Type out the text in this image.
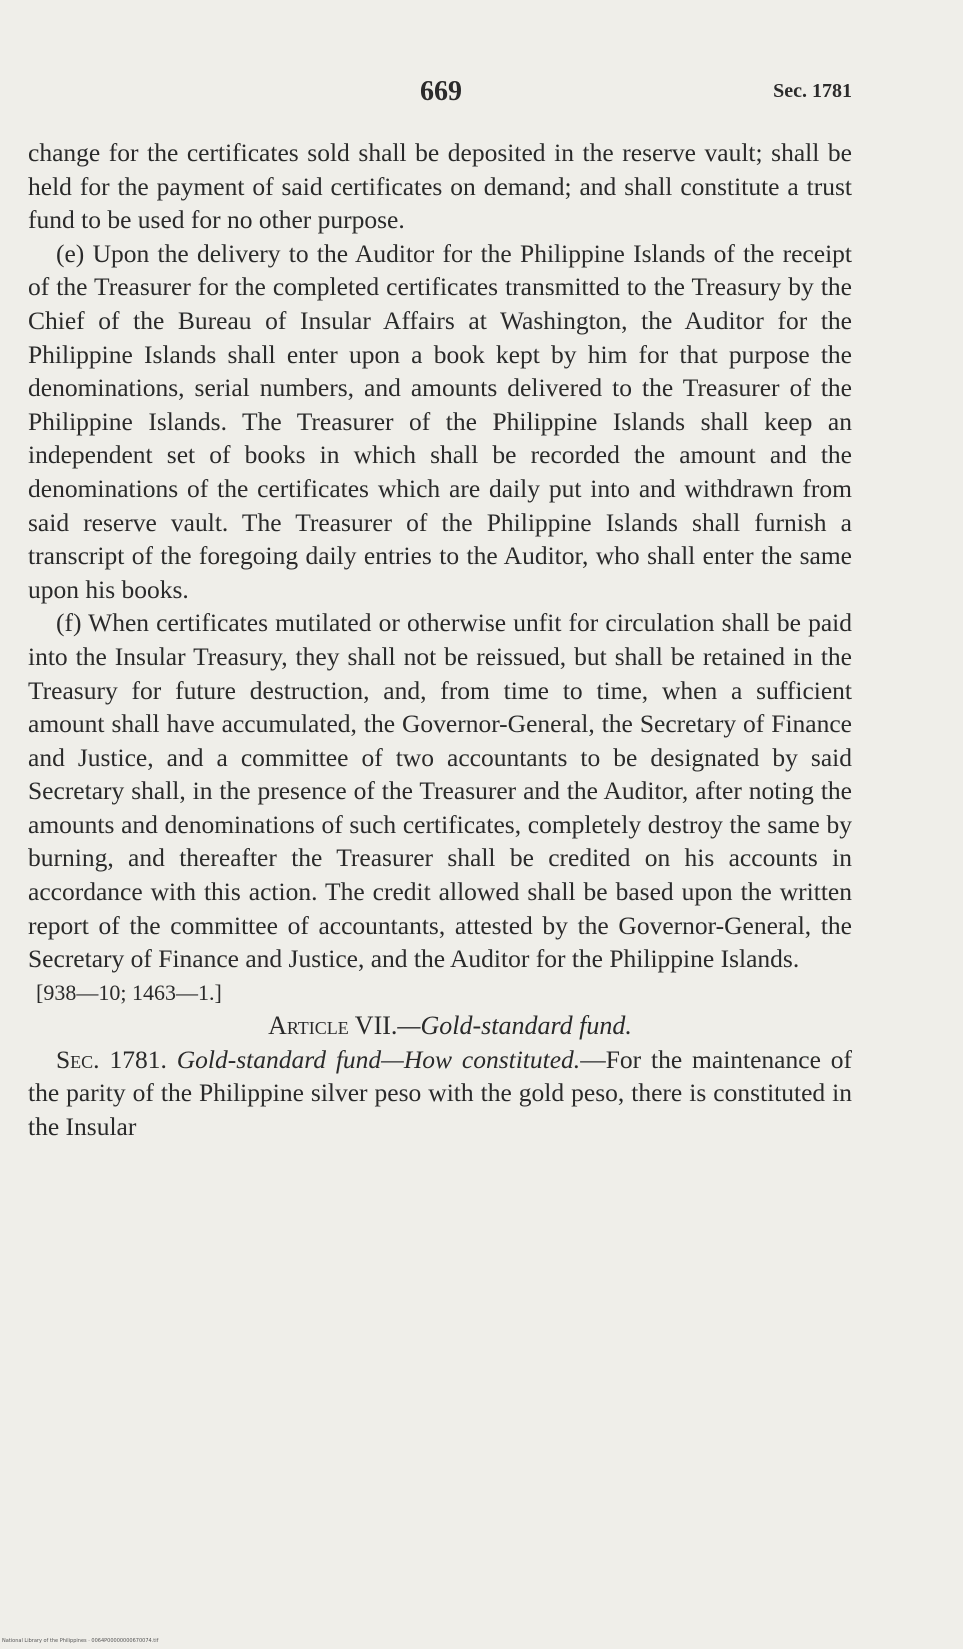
669	Sec. 1781

change for the certificates sold shall be deposited in the reserve vault; shall be held for the payment of said certificates on demand; and shall constitute a trust fund to be used for no other purpose.

(e) Upon the delivery to the Auditor for the Philippine Islands of the receipt of the Treasurer for the completed certificates transmitted to the Treasury by the Chief of the Bureau of Insular Affairs at Washington, the Auditor for the Philippine Islands shall enter upon a book kept by him for that purpose the denominations, serial numbers, and amounts delivered to the Treasurer of the Philippine Islands. The Treasurer of the Philippine Islands shall keep an independent set of books in which shall be recorded the amount and the denominations of the certificates which are daily put into and withdrawn from said reserve vault. The Treasurer of the Philippine Islands shall furnish a transcript of the foregoing daily entries to the Auditor, who shall enter the same upon his books.

(f) When certificates mutilated or otherwise unfit for circulation shall be paid into the Insular Treasury, they shall not be reissued, but shall be retained in the Treasury for future destruction, and, from time to time, when a sufficient amount shall have accumulated, the Governor-General, the Secretary of Finance and Justice, and a committee of two accountants to be designated by said Secretary shall, in the presence of the Treasurer and the Auditor, after noting the amounts and denominations of such certificates, completely destroy the same by burning, and thereafter the Treasurer shall be credited on his accounts in accordance with this action. The credit allowed shall be based upon the written report of the committee of accountants, attested by the Governor-General, the Secretary of Finance and Justice, and the Auditor for the Philippine Islands.

[938—10; 1463—1.]

Article VII.—Gold-standard fund.

Sec. 1781. Gold-standard fund—How constituted.—For the maintenance of the parity of the Philippine silver peso with the gold peso, there is constituted in the Insular

National Library of the Philippines · 0064P00000000670074.tif
